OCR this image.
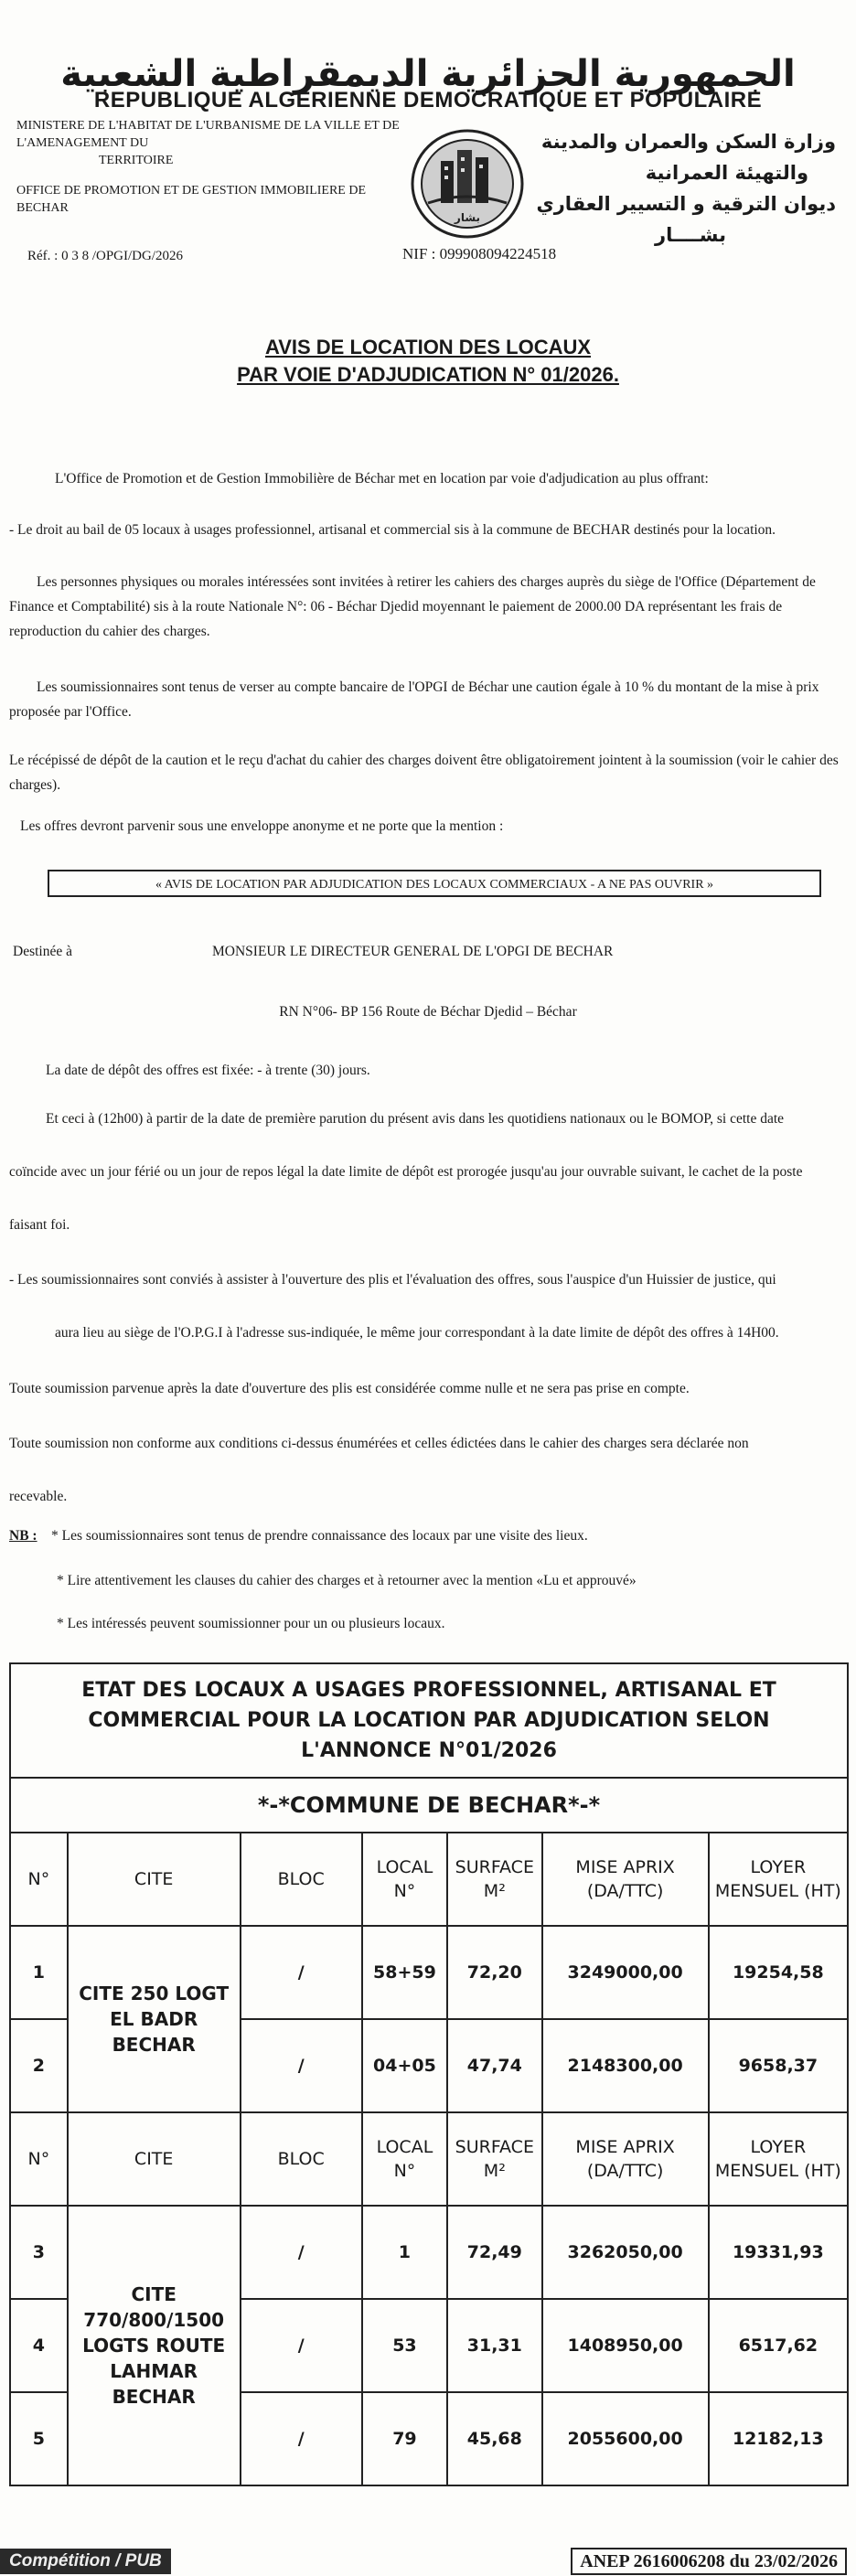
الجمهورية الجزائرية الديمقراطية الشعبية
REPUBLIQUE ALGERIENNE DEMOCRATIQUE ET POPULAIRE
MINISTERE DE L'HABITAT DE L'URBANISME DE LA VILLE ET DE
L'AMENAGEMENT DU
TERRITOIRE
OFFICE DE PROMOTION ET DE GESTION IMMOBILIERE DE
BECHAR
بشار
وزارة السكن والعمران والمدينة
والتهيئة العمرانية
ديوان الترقية و التسيير العقاري
بشــــار
Réf. : 0 3 8 /OPGI/DG/2026	NIF : 099908094224518
AVIS DE LOCATION DES LOCAUX
PAR VOIE D'ADJUDICATION N° 01/2026.
L'Office de Promotion et de Gestion Immobilière de Béchar met en location par voie d'adjudication au plus offrant:
- Le droit au bail de 05 locaux à usages professionnel, artisanal et commercial sis à la commune de BECHAR destinés pour la location.
Les personnes physiques ou morales intéressées sont invitées à retirer les cahiers des charges auprès du siège de l'Office (Département de Finance et Comptabilité) sis à la route Nationale N°: 06 - Béchar Djedid moyennant le paiement de 2000.00 DA représentant les frais de reproduction du cahier des charges.
Les soumissionnaires sont tenus de verser au compte bancaire de l'OPGI de Béchar une caution égale à 10 % du montant de la mise à prix proposée par l'Office.
Le récépissé de dépôt de la caution et le reçu d'achat du cahier des charges doivent être obligatoirement jointent à la soumission (voir le cahier des charges).
Les offres devront parvenir sous une enveloppe anonyme et ne porte que la mention :
« AVIS DE LOCATION PAR ADJUDICATION DES LOCAUX COMMERCIAUX - A NE PAS OUVRIR »
Destinée à	MONSIEUR LE DIRECTEUR GENERAL DE L'OPGI DE BECHAR
RN N°06- BP 156 Route de Béchar Djedid – Béchar
La date de dépôt des offres est fixée: - à trente (30) jours.
Et ceci à (12h00) à partir de la date de première parution du présent avis dans les quotidiens nationaux ou le BOMOP, si cette date
coïncide avec un jour férié ou un jour de repos légal la date limite de dépôt est prorogée jusqu'au jour ouvrable suivant, le cachet de la poste
faisant foi.
- Les soumissionnaires sont conviés à assister à l'ouverture des plis et l'évaluation des offres, sous l'auspice d'un Huissier de justice, qui
aura lieu au siège de l'O.P.G.I à l'adresse sus-indiquée, le même jour correspondant à la date limite de dépôt des offres à 14H00.
Toute soumission parvenue après la date d'ouverture des plis est considérée comme nulle et ne sera pas prise en compte.
Toute soumission non conforme aux conditions ci-dessus énumérées et celles édictées dans le cahier des charges sera déclarée non
recevable.
NB : * Les soumissionnaires sont tenus de prendre connaissance des locaux par une visite des lieux.
* Lire attentivement les clauses du cahier des charges et à retourner avec la mention «Lu et approuvé»
* Les intéressés peuvent soumissionner pour un ou plusieurs locaux.
ETAT DES LOCAUX A USAGES PROFESSIONNEL, ARTISANAL ET COMMERCIAL POUR LA LOCATION PAR ADJUDICATION SELON L'ANNONCE N°01/2026						
*-*COMMUNE DE BECHAR*-*						
N°	CITE	BLOC	LOCAL N°	SURFACE M²	MISE APRIX (DA/TTC)	LOYER MENSUEL (HT)
1	CITE 250 LOGT EL BADR BECHAR	/	58+59	72,20	3249000,00	19254,58
2		/	04+05	47,74	2148300,00	9658,37
N°	CITE	BLOC	LOCAL N°	SURFACE M²	MISE APRIX (DA/TTC)	LOYER MENSUEL (HT)
3	CITE 770/800/1500 LOGTS ROUTE LAHMAR BECHAR	/	1	72,49	3262050,00	19331,93
4		/	53	31,31	1408950,00	6517,62
5		/	79	45,68	2055600,00	12182,13
Compétition / PUB	ANEP 2616006208 du 23/02/2026
